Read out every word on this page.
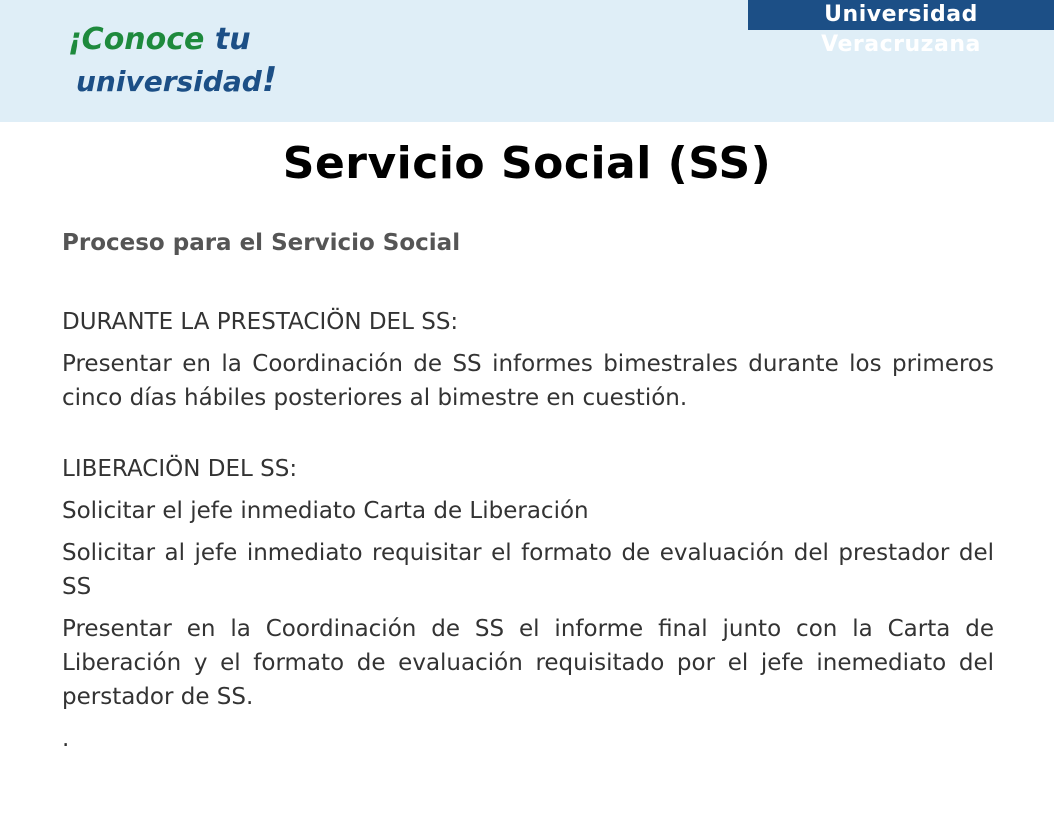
¡Conoce tu
universidad!
Universidad Veracruzana
Servicio Social (SS)

Proceso para el Servicio Social

DURANTE LA PRESTACIÖN DEL SS:

Presentar en la Coordinación de SS informes bimestrales durante los primeros cinco días hábiles posteriores al bimestre en cuestión.

LIBERACIÖN DEL SS:

Solicitar el jefe inmediato Carta de Liberación

Solicitar al jefe inmediato requisitar el formato de evaluación del prestador del SS

Presentar en la Coordinación de SS el informe final junto con la Carta de Liberación y el formato de evaluación requisitado por el jefe inemediato del perstador de SS.

.
